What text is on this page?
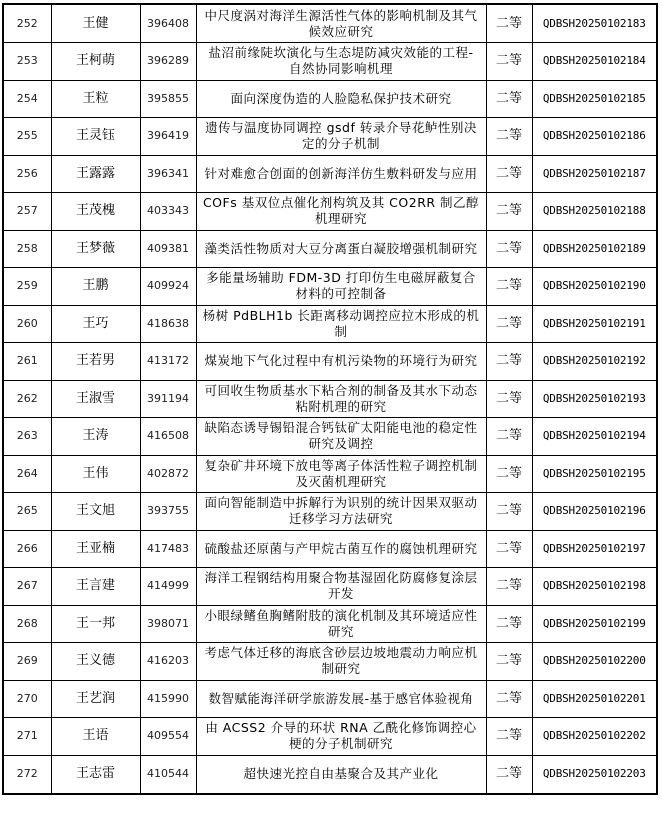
252	王健	396408	中尺度涡对海洋生源活性气体的影响机制及其气候效应研究	二等	QDBSH20250102183
253	王柯萌	396289	盐沼前缘陡坎演化与生态堤防减灾效能的工程-自然协同影响机理	二等	QDBSH20250102184
254	王粒	395855	面向深度伪造的人脸隐私保护技术研究	二等	QDBSH20250102185
255	王灵钰	396419	遗传与温度协同调控 gsdf 转录介导花鲈性别决定的分子机制	二等	QDBSH20250102186
256	王露露	396341	针对难愈合创面的创新海洋仿生敷料研发与应用	二等	QDBSH20250102187
257	王茂槐	403343	COFs 基双位点催化剂构筑及其 CO2RR 制乙醇机理研究	二等	QDBSH20250102188
258	王梦薇	409381	藻类活性物质对大豆分离蛋白凝胶增强机制研究	二等	QDBSH20250102189
259	王鹏	409924	多能量场辅助 FDM-3D 打印仿生电磁屏蔽复合材料的可控制备	二等	QDBSH20250102190
260	王巧	418638	杨树 PdBLH1b 长距离移动调控应拉木形成的机制	二等	QDBSH20250102191
261	王若男	413172	煤炭地下气化过程中有机污染物的环境行为研究	二等	QDBSH20250102192
262	王淑雪	391194	可回收生物质基水下粘合剂的制备及其水下动态粘附机理的研究	二等	QDBSH20250102193
263	王涛	416508	缺陷态诱导锡铅混合钙钛矿太阳能电池的稳定性研究及调控	二等	QDBSH20250102194
264	王伟	402872	复杂矿井环境下放电等离子体活性粒子调控机制及灭菌机理研究	二等	QDBSH20250102195
265	王文旭	393755	面向智能制造中拆解行为识别的统计因果双驱动迁移学习方法研究	二等	QDBSH20250102196
266	王亚楠	417483	硫酸盐还原菌与产甲烷古菌互作的腐蚀机理研究	二等	QDBSH20250102197
267	王言建	414999	海洋工程钢结构用聚合物基湿固化防腐修复涂层开发	二等	QDBSH20250102198
268	王一邦	398071	小眼绿鳍鱼胸鳍附肢的演化机制及其环境适应性研究	二等	QDBSH20250102199
269	王义德	416203	考虑气体迁移的海底含砂层边坡地震动力响应机制研究	二等	QDBSH20250102200
270	王艺润	415990	数智赋能海洋研学旅游发展-基于感官体验视角	二等	QDBSH20250102201
271	王语	409554	由 ACSS2 介导的环状 RNA 乙酰化修饰调控心梗的分子机制研究	二等	QDBSH20250102202
272	王志雷	410544	超快速光控自由基聚合及其产业化	二等	QDBSH20250102203
